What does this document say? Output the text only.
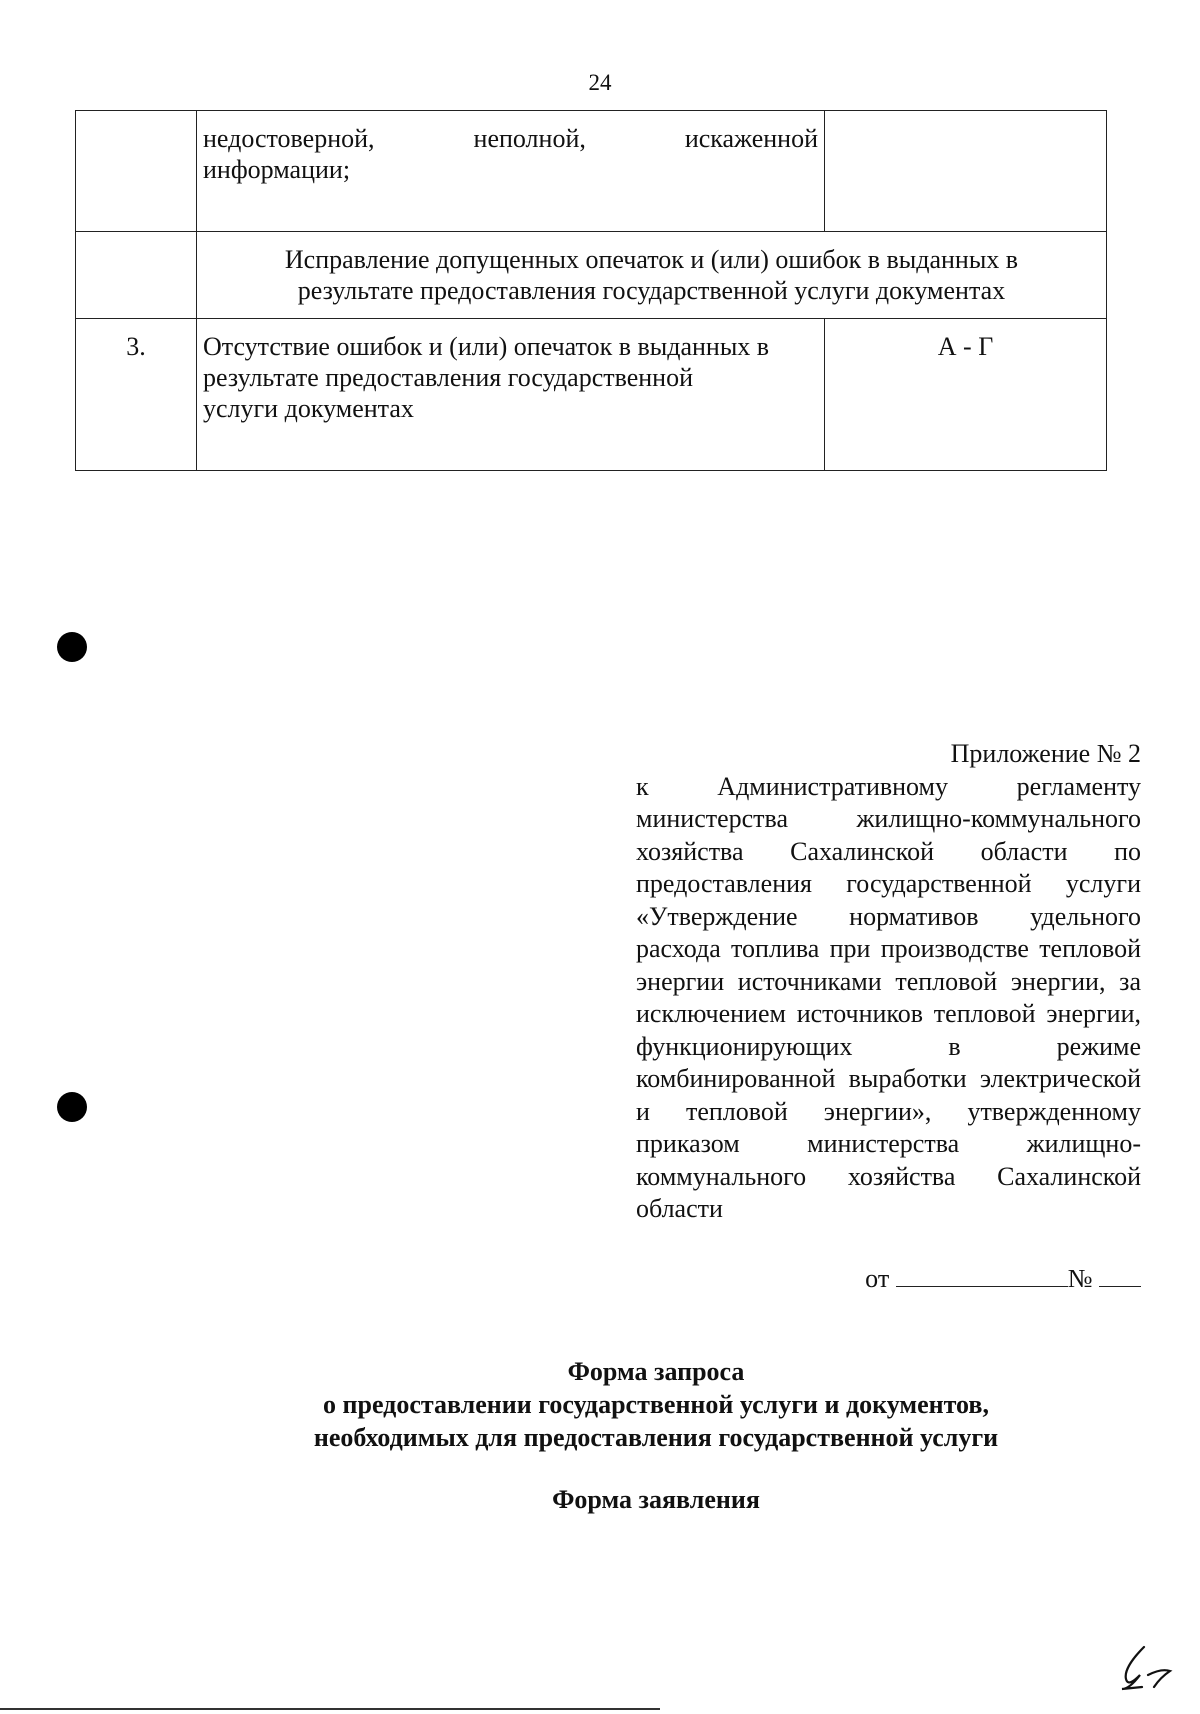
24

	недостоверной, неполной, искаженной
информации;	

	Исправление допущенных опечаток и (или) ошибок в выданных в
результате предоставления государственной услуги документах	

3.	Отсутствие ошибок и (или) опечаток в выданных в
результате предоставления государственной
услуги документах	А - Г
Приложение № 2
к Административному регламенту министерства жилищно-коммунального хозяйства Сахалинской области по предоставления государственной услуги «Утверждение нормативов удельного расхода топлива при производстве тепловой энергии источниками тепловой энергии, за исключением источников тепловой энергии, функционирующих в режиме комбинированной выработки электрической и тепловой энергии», утвержденному приказом министерства жилищно-коммунального хозяйства Сахалинской области
от	№
Форма запроса
о предоставлении государственной услуги и документов,
необходимых для предоставления государственной услуги
Форма заявления
